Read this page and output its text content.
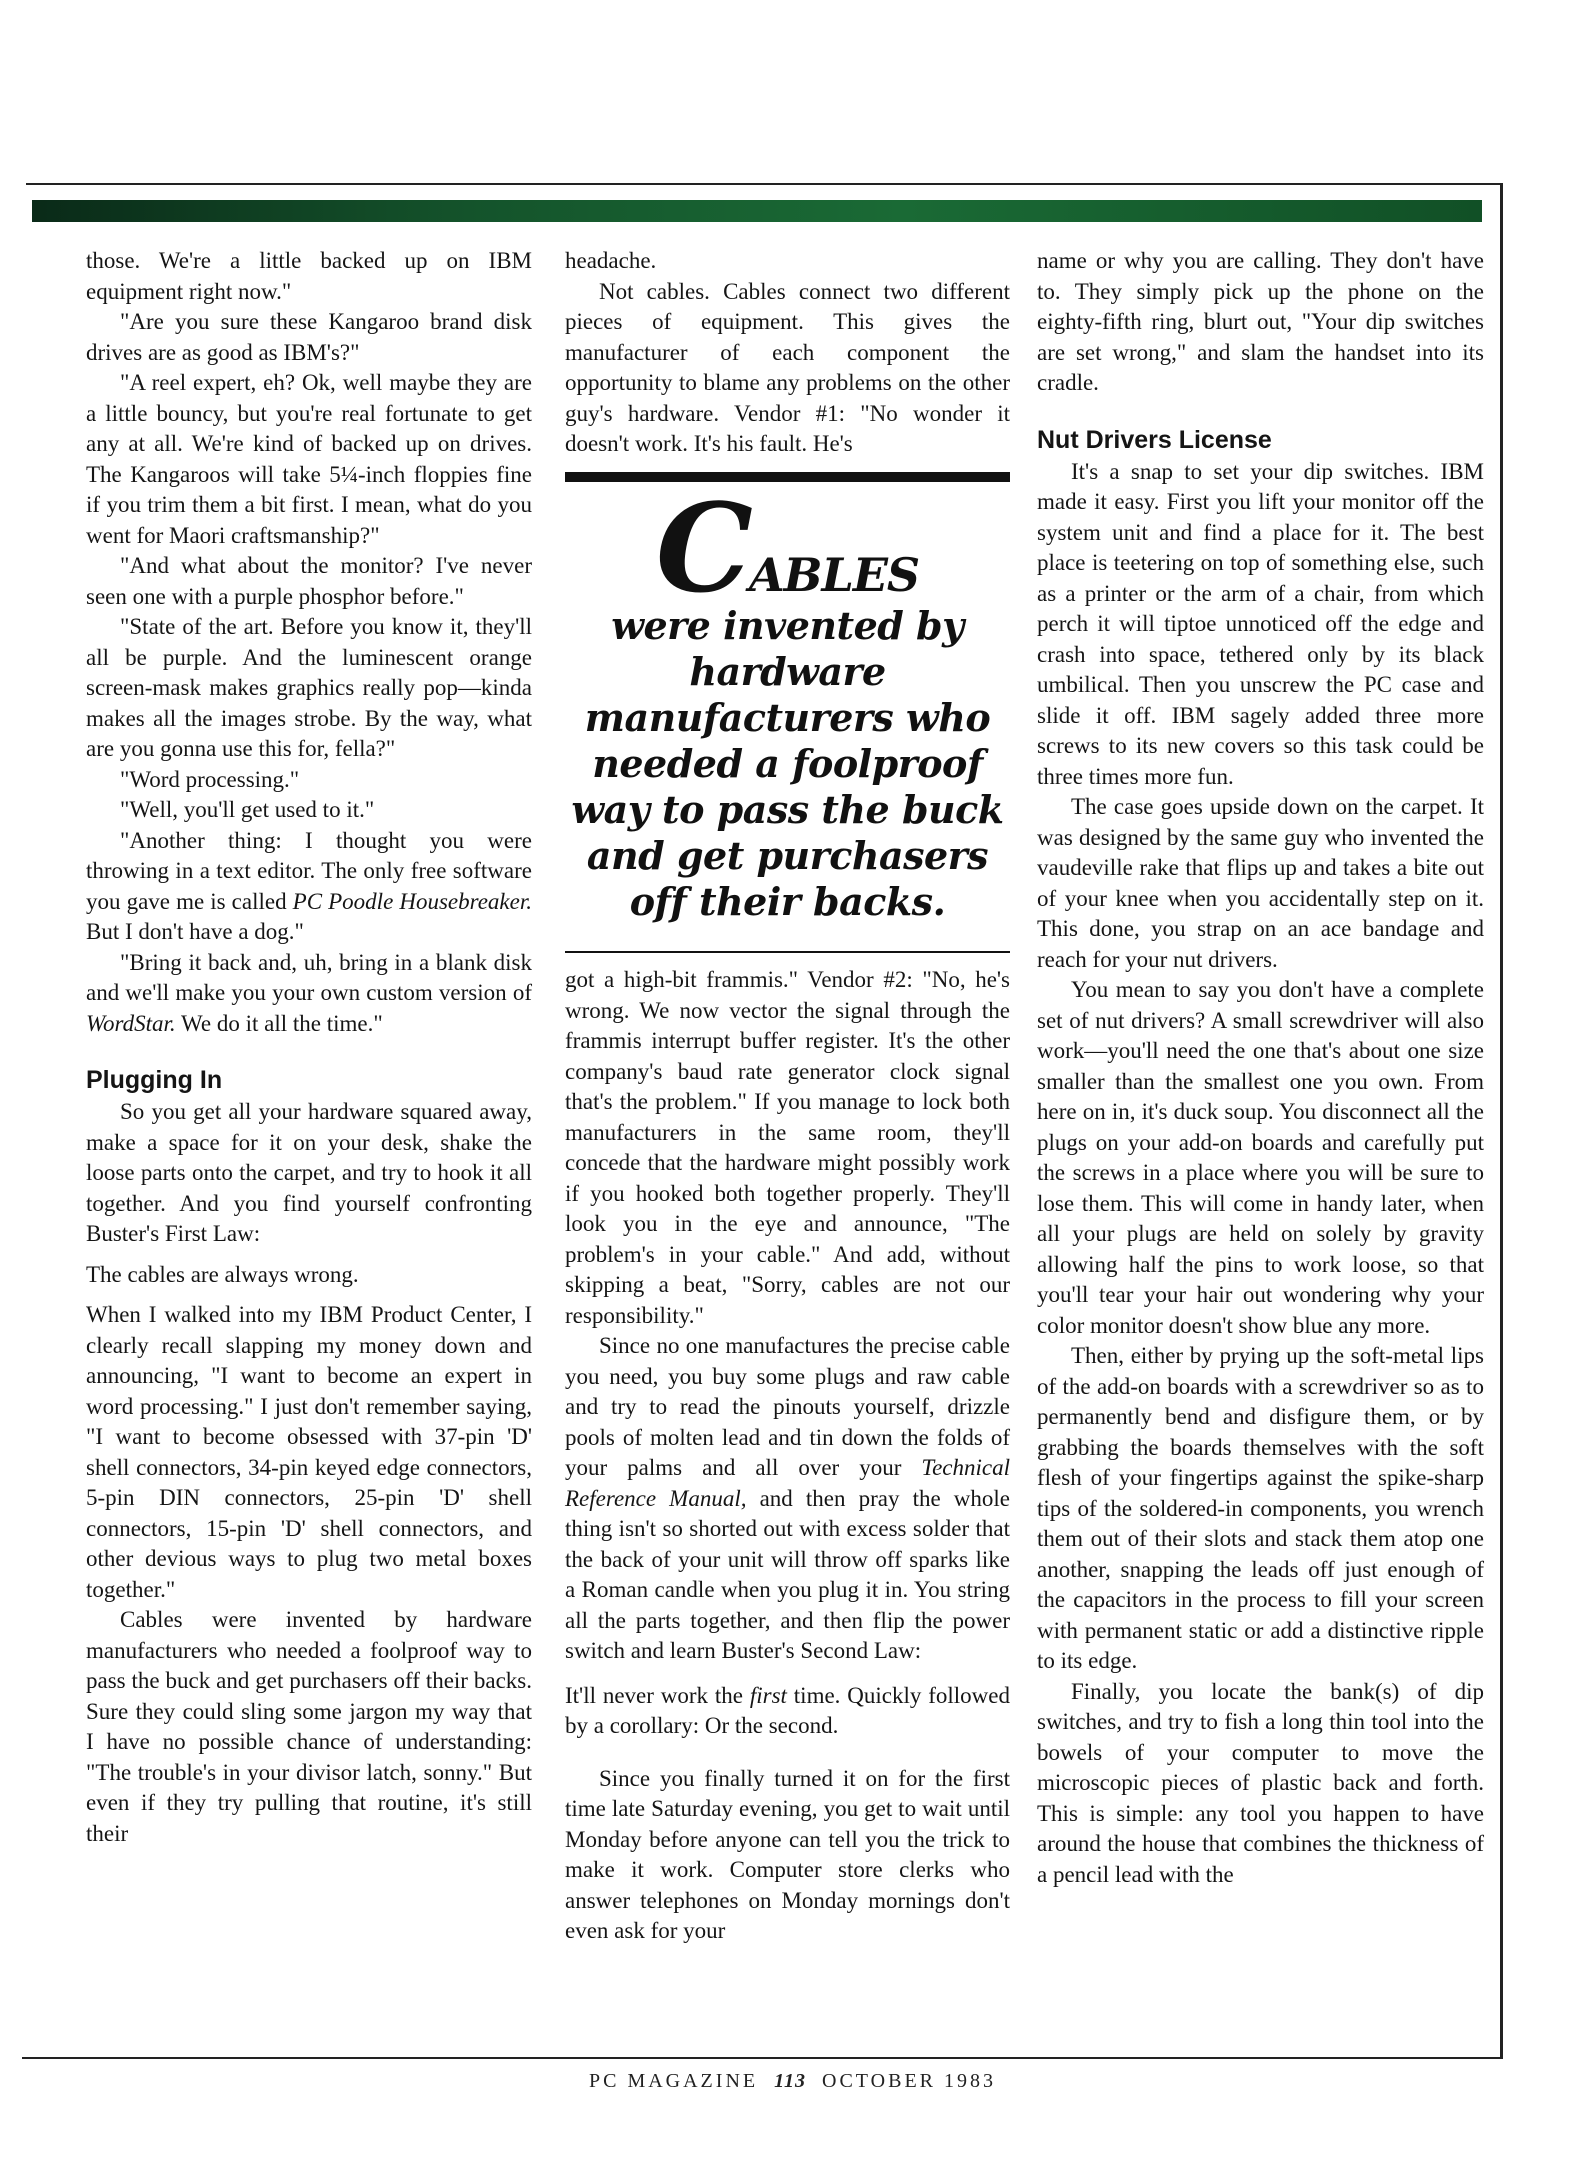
those. We're a little backed up on IBM equipment right now."

"Are you sure these Kangaroo brand disk drives are as good as IBM's?"

"A reel expert, eh? Ok, well maybe they are a little bouncy, but you're real fortunate to get any at all. We're kind of backed up on drives. The Kangaroos will take 5¼-inch floppies fine if you trim them a bit first. I mean, what do you went for Maori craftsmanship?"

"And what about the monitor? I've never seen one with a purple phosphor before."

"State of the art. Before you know it, they'll all be purple. And the luminescent orange screen-mask makes graphics really pop—kinda makes all the images strobe. By the way, what are you gonna use this for, fella?"

"Word processing."

"Well, you'll get used to it."

"Another thing: I thought you were throwing in a text editor. The only free software you gave me is called PC Poodle Housebreaker. But I don't have a dog."

"Bring it back and, uh, bring in a blank disk and we'll make you your own custom version of WordStar. We do it all the time."

Plugging In

So you get all your hardware squared away, make a space for it on your desk, shake the loose parts onto the carpet, and try to hook it all together. And you find yourself confronting Buster's First Law:

The cables are always wrong.

When I walked into my IBM Product Center, I clearly recall slapping my money down and announcing, "I want to become an expert in word processing." I just don't remember saying, "I want to become obsessed with 37-pin 'D' shell connectors, 34-pin keyed edge connectors, 5-pin DIN connectors, 25-pin 'D' shell connectors, 15-pin 'D' shell connectors, and other devious ways to plug two metal boxes together."

Cables were invented by hardware manufacturers who needed a foolproof way to pass the buck and get purchasers off their backs. Sure they could sling some jargon my way that I have no possible chance of understanding: "The trouble's in your divisor latch, sonny." But even if they try pulling that routine, it's still their

headache.

Not cables. Cables connect two different pieces of equipment. This gives the manufacturer of each component the opportunity to blame any problems on the other guy's hardware. Vendor #1: "No wonder it doesn't work. It's his fault. He's

CABLES
were invented by hardware manufacturers who needed a foolproof way to pass the buck and get purchasers off their backs.

got a high-bit frammis." Vendor #2: "No, he's wrong. We now vector the signal through the frammis interrupt buffer register. It's the other company's baud rate generator clock signal that's the problem." If you manage to lock both manufacturers in the same room, they'll concede that the hardware might possibly work if you hooked both together properly. They'll look you in the eye and announce, "The problem's in your cable." And add, without skipping a beat, "Sorry, cables are not our responsibility."

Since no one manufactures the precise cable you need, you buy some plugs and raw cable and try to read the pinouts yourself, drizzle pools of molten lead and tin down the folds of your palms and all over your Technical Reference Manual, and then pray the whole thing isn't so shorted out with excess solder that the back of your unit will throw off sparks like a Roman candle when you plug it in. You string all the parts together, and then flip the power switch and learn Buster's Second Law:

It'll never work the first time. Quickly followed by a corollary: Or the second.

Since you finally turned it on for the first time late Saturday evening, you get to wait until Monday before anyone can tell you the trick to make it work. Computer store clerks who answer telephones on Monday mornings don't even ask for your

name or why you are calling. They don't have to. They simply pick up the phone on the eighty-fifth ring, blurt out, "Your dip switches are set wrong," and slam the handset into its cradle.

Nut Drivers License

It's a snap to set your dip switches. IBM made it easy. First you lift your monitor off the system unit and find a place for it. The best place is teetering on top of something else, such as a printer or the arm of a chair, from which perch it will tiptoe unnoticed off the edge and crash into space, tethered only by its black umbilical. Then you unscrew the PC case and slide it off. IBM sagely added three more screws to its new covers so this task could be three times more fun.

The case goes upside down on the carpet. It was designed by the same guy who invented the vaudeville rake that flips up and takes a bite out of your knee when you accidentally step on it. This done, you strap on an ace bandage and reach for your nut drivers.

You mean to say you don't have a complete set of nut drivers? A small screwdriver will also work—you'll need the one that's about one size smaller than the smallest one you own. From here on in, it's duck soup. You disconnect all the plugs on your add-on boards and carefully put the screws in a place where you will be sure to lose them. This will come in handy later, when all your plugs are held on solely by gravity allowing half the pins to work loose, so that you'll tear your hair out wondering why your color monitor doesn't show blue any more.

Then, either by prying up the soft-metal lips of the add-on boards with a screwdriver so as to permanently bend and disfigure them, or by grabbing the boards themselves with the soft flesh of your fingertips against the spike-sharp tips of the soldered-in components, you wrench them out of their slots and stack them atop one another, snapping the leads off just enough of the capacitors in the process to fill your screen with permanent static or add a distinctive ripple to its edge.

Finally, you locate the bank(s) of dip switches, and try to fish a long thin tool into the bowels of your computer to move the microscopic pieces of plastic back and forth. This is simple: any tool you happen to have around the house that combines the thickness of a pencil lead with the

PC MAGAZINE 113 OCTOBER 1983
